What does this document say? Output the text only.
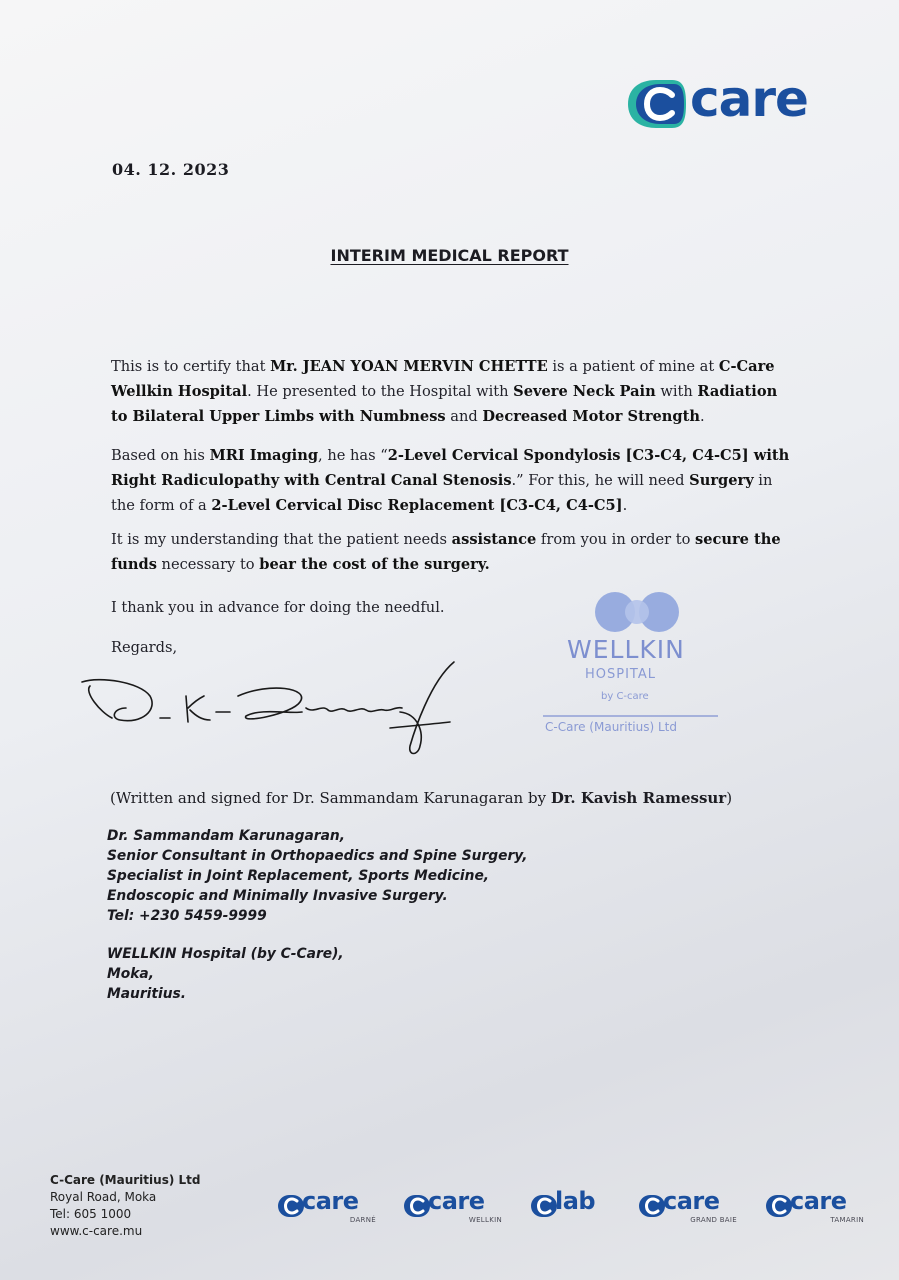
care
04. 12. 2023
INTERIM MEDICAL REPORT
This is to certify that Mr. JEAN YOAN MERVIN CHETTE is a patient of mine at C-Care Wellkin Hospital. He presented to the Hospital with Severe Neck Pain with Radiation to Bilateral Upper Limbs with Numbness and Decreased Motor Strength.
Based on his MRI Imaging, he has “2-Level Cervical Spondylosis [C3-C4, C4-C5] with Right Radiculopathy with Central Canal Stenosis.” For this, he will need Surgery in the form of a 2-Level Cervical Disc Replacement [C3-C4, C4-C5].
It is my understanding that the patient needs assistance from you in order to secure the funds necessary to bear the cost of the surgery.
I thank you in advance for doing the needful.
Regards,	WELLKIN
HOSPITAL
by C-care
C-Care (Mauritius) Ltd
(Written and signed for Dr. Sammandam Karunagaran by Dr. Kavish Ramessur)
Dr. Sammandam Karunagaran,
Senior Consultant in Orthopaedics and Spine Surgery,
Specialist in Joint Replacement, Sports Medicine,
Endoscopic and Minimally Invasive Surgery.
Tel: +230 5459-9999
WELLKIN Hospital (by C-Care),
Moka,
Mauritius.
C-Care (Mauritius) Ltd
Royal Road, Moka
Tel: 605 1000
www.c-care.mu
care
DARNÉ
care
WELLKIN
lab	care
GRAND BAIE
care
TAMARIN
